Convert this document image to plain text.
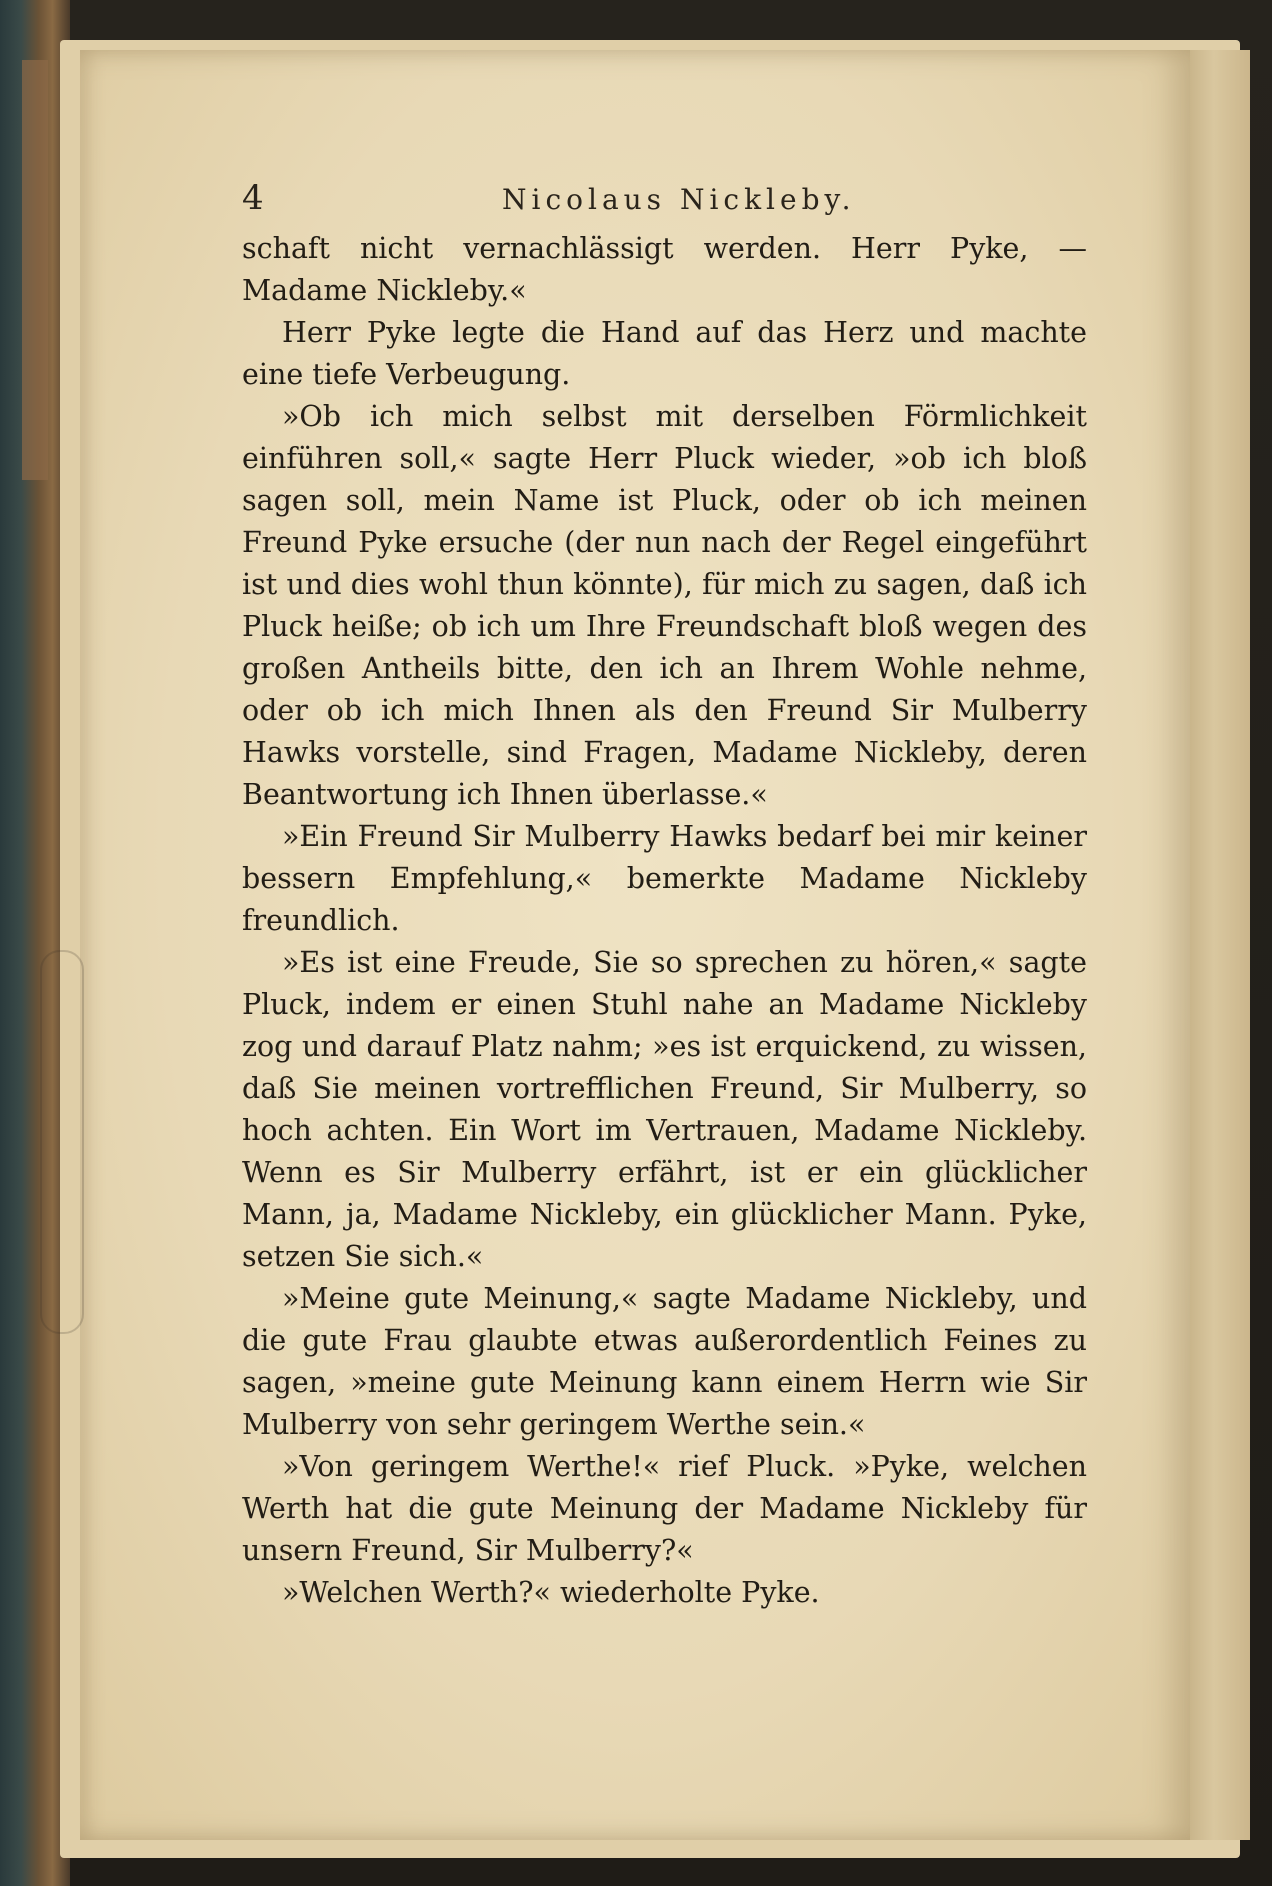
4	Nicolaus Nickleby.

schaft nicht vernachlässigt werden. Herr Pyke, — Madame Nickleby.«

Herr Pyke legte die Hand auf das Herz und machte eine tiefe Verbeugung.

»Ob ich mich selbst mit derselben Förmlichkeit einführen soll,« sagte Herr Pluck wieder, »ob ich bloß sagen soll, mein Name ist Pluck, oder ob ich meinen Freund Pyke ersuche (der nun nach der Regel eingeführt ist und dies wohl thun könnte), für mich zu sagen, daß ich Pluck heiße; ob ich um Ihre Freundschaft bloß wegen des großen Antheils bitte, den ich an Ihrem Wohle nehme, oder ob ich mich Ihnen als den Freund Sir Mulberry Hawks vorstelle, sind Fragen, Madame Nickleby, deren Beantwortung ich Ihnen überlasse.«

»Ein Freund Sir Mulberry Hawks bedarf bei mir keiner bessern Empfehlung,« bemerkte Madame Nickleby freundlich.

»Es ist eine Freude, Sie so sprechen zu hören,« sagte Pluck, indem er einen Stuhl nahe an Madame Nickleby zog und darauf Platz nahm; »es ist erquickend, zu wissen, daß Sie meinen vortrefflichen Freund, Sir Mulberry, so hoch achten. Ein Wort im Vertrauen, Madame Nickleby. Wenn es Sir Mulberry erfährt, ist er ein glücklicher Mann, ja, Madame Nickleby, ein glücklicher Mann. Pyke, setzen Sie sich.«

»Meine gute Meinung,« sagte Madame Nickleby, und die gute Frau glaubte etwas außerordentlich Feines zu sagen, »meine gute Meinung kann einem Herrn wie Sir Mulberry von sehr geringem Werthe sein.«

»Von geringem Werthe!« rief Pluck. »Pyke, welchen Werth hat die gute Meinung der Madame Nickleby für unsern Freund, Sir Mulberry?«

»Welchen Werth?« wiederholte Pyke.
